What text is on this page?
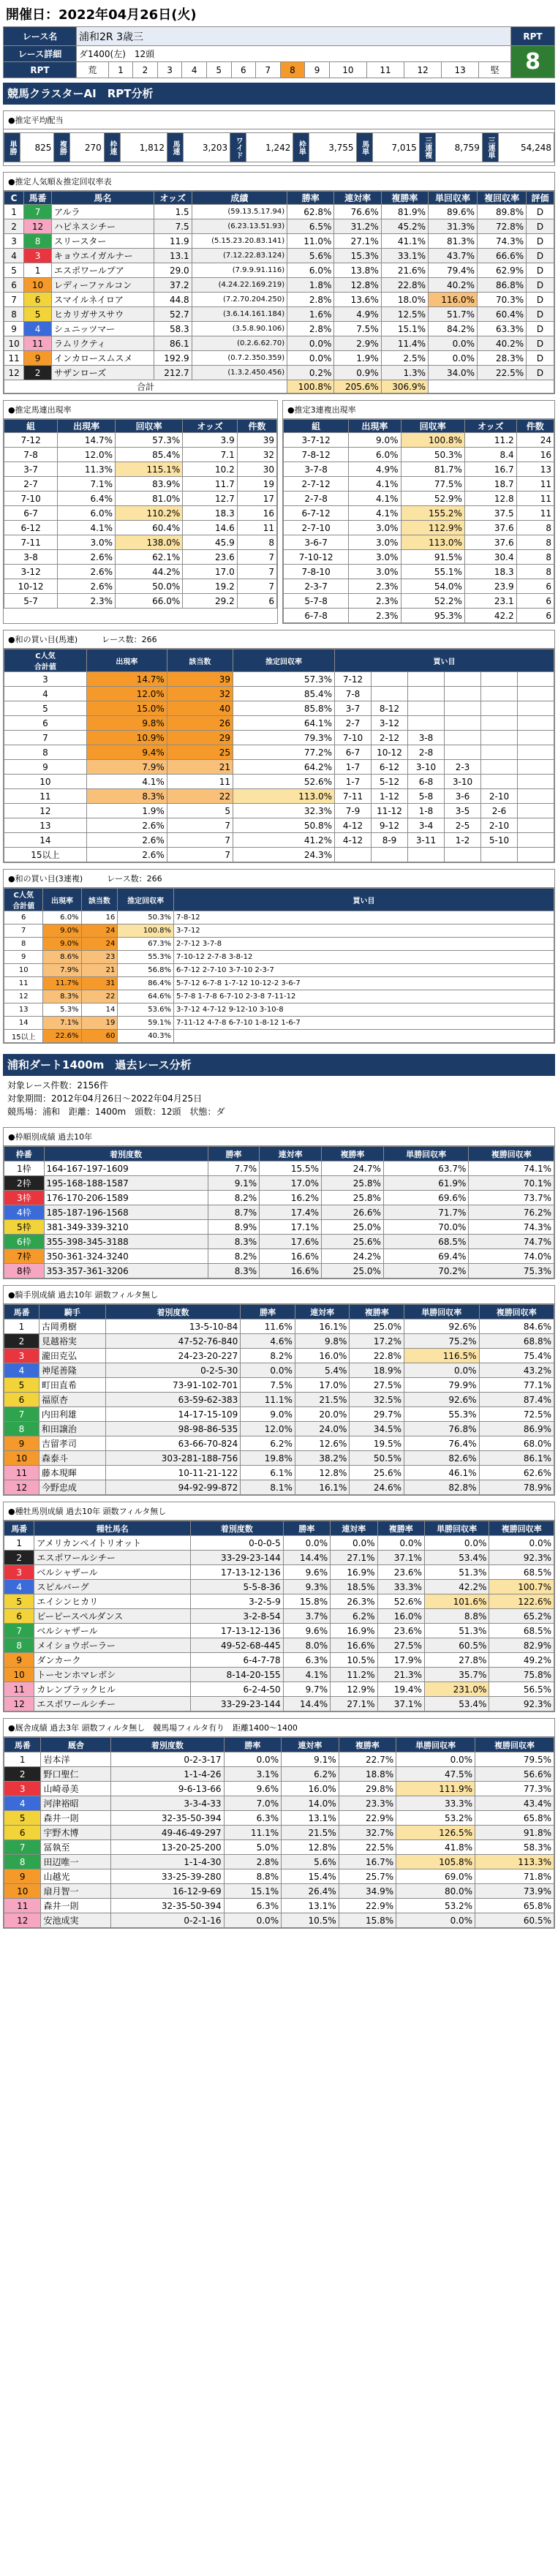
開催日：2022年04月26日(火)
レース名	浦和2R 3歳三															RPT
レース詳細	ダ1400(左)　12頭															8
RPT	荒	1	2	3	4	5	6	7	8	9	10	11	12	13	堅	
競馬クラスターAI　RPT分析
●推定平均配当
単勝	825	複勝	270	枠連	1,812	馬連	3,203	ワイド	1,242	枠単	3,755	馬単	7,015	三連複	8,759	三連単	54,248
●推定人気順＆推定回収率表
C	馬番	馬名	オッズ	成績	勝率	連対率	複勝率	単回収率	複回収率	評価
1	7	アルラ	1.5	(59.13.5.17.94)	62.8%	76.6%	81.9%	89.6%	89.8%	D
2	12	ハピネスシチー	7.5	(6.23.13.51.93)	6.5%	31.2%	45.2%	31.3%	72.8%	D
3	8	スリースター	11.9	(5.15.23.20.83.141)	11.0%	27.1%	41.1%	81.3%	74.3%	D
4	3	キョウエイガルナー	13.1	(7.12.22.83.124)	5.6%	15.3%	33.1%	43.7%	66.6%	D
5	1	エスポワールプア	29.0	(7.9.9.91.116)	6.0%	13.8%	21.6%	79.4%	62.9%	D
6	10	レディーファルコン	37.2	(4.24.22.169.219)	1.8%	12.8%	22.8%	40.2%	86.8%	D
7	6	スマイルネイロア	44.8	(7.2.70.204.250)	2.8%	13.6%	18.0%	116.0%	70.3%	D
8	5	ヒカリガサスサウ	52.7	(3.6.14.161.184)	1.6%	4.9%	12.5%	51.7%	60.4%	D
9	4	シュニッツマー	58.3	(3.5.8.90.106)	2.8%	7.5%	15.1%	84.2%	63.3%	D
10	11	ラムリクティ	86.1	(0.2.6.62.70)	0.0%	2.9%	11.4%	0.0%	40.2%	D
11	9	インカロースムスメ	192.9	(0.7.2.350.359)	0.0%	1.9%	2.5%	0.0%	28.3%	D
12	2	サザンローズ	212.7	(1.3.2.450.456)	0.2%	0.9%	1.3%	34.0%	22.5%	D
合計					100.8%	205.6%	306.9%			
●推定馬連出現率
組	出現率	回収率	オッズ	件数
7-12	14.7%	57.3%	3.9	39
7-8	12.0%	85.4%	7.1	32
3-7	11.3%	115.1%	10.2	30
2-7	7.1%	83.9%	11.7	19
7-10	6.4%	81.0%	12.7	17
6-7	6.0%	110.2%	18.3	16
6-12	4.1%	60.4%	14.6	11
7-11	3.0%	138.0%	45.9	8
3-8	2.6%	62.1%	23.6	7
3-12	2.6%	44.2%	17.0	7
10-12	2.6%	50.0%	19.2	7
5-7	2.3%	66.0%	29.2	6
●推定3連複出現率
組	出現率	回収率	オッズ	件数
3-7-12	9.0%	100.8%	11.2	24
7-8-12	6.0%	50.3%	8.4	16
3-7-8	4.9%	81.7%	16.7	13
2-7-12	4.1%	77.5%	18.7	11
2-7-8	4.1%	52.9%	12.8	11
6-7-12	4.1%	155.2%	37.5	11
2-7-10	3.0%	112.9%	37.6	8
3-6-7	3.0%	113.0%	37.6	8
7-10-12	3.0%	91.5%	30.4	8
7-8-10	3.0%	55.1%	18.3	8
2-3-7	2.3%	54.0%	23.9	6
5-7-8	2.3%	52.2%	23.1	6
6-7-8	2.3%	95.3%	42.2	6
●和の買い目(馬連)　　　	レース数：266
C人気
合計値	出現率	該当数	推定回収率	買い目					
3	14.7%	39	57.3%	7-12					
4	12.0%	32	85.4%	7-8					
5	15.0%	40	85.8%	3-7	8-12				
6	9.8%	26	64.1%	2-7	3-12				
7	10.9%	29	79.3%	7-10	2-12	3-8			
8	9.4%	25	77.2%	6-7	10-12	2-8			
9	7.9%	21	64.2%	1-7	6-12	3-10	2-3		
10	4.1%	11	52.6%	1-7	5-12	6-8	3-10		
11	8.3%	22	113.0%	7-11	1-12	5-8	3-6	2-10	
12	1.9%	5	32.3%	7-9	11-12	1-8	3-5	2-6	
13	2.6%	7	50.8%	4-12	9-12	3-4	2-5	2-10	
14	2.6%	7	41.2%	4-12	8-9	3-11	1-2	5-10	
15以上	2.6%	7	24.3%						
●和の買い目(3連複)　　　	レース数：266
C人気
合計値	出現率	該当数	推定回収率	買い目
6	6.0%	16	50.3%	7-8-12
7	9.0%	24	100.8%	3-7-12
8	9.0%	24	67.3%	2-7-12 3-7-8
9	8.6%	23	55.3%	7-10-12 2-7-8 3-8-12
10	7.9%	21	56.8%	6-7-12 2-7-10 3-7-10 2-3-7
11	11.7%	31	86.4%	5-7-12 6-7-8 1-7-12 10-12-2 3-6-7
12	8.3%	22	64.6%	5-7-8 1-7-8 6-7-10 2-3-8 7-11-12
13	5.3%	14	53.6%	3-7-12 4-7-12 9-12-10 3-10-8
14	7.1%	19	59.1%	7-11-12 4-7-8 6-7-10 1-8-12 1-6-7
15以上	22.6%	60	40.3%	
浦和ダート1400m　過去レース分析
対象レース件数：2156件
対象期間：2012年04月26日〜2022年04月25日
競馬場：浦和　距離：1400m　頭数：12頭　状態：ダ
●枠順別成績 過去10年
枠番	着別度数	勝率	連対率	複勝率	単勝回収率	複勝回収率
1枠	164-167-197-1609	7.7%	15.5%	24.7%	63.7%	74.1%
2枠	195-168-188-1587	9.1%	17.0%	25.8%	61.9%	70.1%
3枠	176-170-206-1589	8.2%	16.2%	25.8%	69.6%	73.7%
4枠	185-187-196-1568	8.7%	17.4%	26.6%	71.7%	76.2%
5枠	381-349-339-3210	8.9%	17.1%	25.0%	70.0%	74.3%
6枠	355-398-345-3188	8.3%	17.6%	25.6%	68.5%	74.7%
7枠	350-361-324-3240	8.2%	16.6%	24.2%	69.4%	74.0%
8枠	353-357-361-3206	8.3%	16.6%	25.0%	70.2%	75.3%
●騎手別成績 過去10年 頭数フィルタ無し
馬番	騎手	着別度数	勝率	連対率	複勝率	単勝回収率	複勝回収率
1	古岡勇樹	13-5-10-84	11.6%	16.1%	25.0%	92.6%	84.6%
2	見越裕実	47-52-76-840	4.6%	9.8%	17.2%	75.2%	68.8%
3	瀧田克弘	24-23-20-227	8.2%	16.0%	22.8%	116.5%	75.4%
4	神尾善隆	0-2-5-30	0.0%	5.4%	18.9%	0.0%	43.2%
5	町田直希	73-91-102-701	7.5%	17.0%	27.5%	79.9%	77.1%
6	福原杏	63-59-62-383	11.1%	21.5%	32.5%	92.6%	87.4%
7	内田利雄	14-17-15-109	9.0%	20.0%	29.7%	55.3%	72.5%
8	和田譲治	98-98-86-535	12.0%	24.0%	34.5%	76.8%	86.9%
9	吉留孝司	63-66-70-824	6.2%	12.6%	19.5%	76.4%	68.0%
10	森泰斗	303-281-188-756	19.8%	38.2%	50.5%	82.6%	86.1%
11	藤本現暉	10-11-21-122	6.1%	12.8%	25.6%	46.1%	62.6%
12	今野忠成	94-92-99-872	8.1%	16.1%	24.6%	82.8%	78.9%
●種牡馬別成績 過去10年 頭数フィルタ無し
馬番	種牡馬名	着別度数	勝率	連対率	複勝率	単勝回収率	複勝回収率
1	アメリカンペイトリオット	0-0-0-5	0.0%	0.0%	0.0%	0.0%	0.0%
2	エスポワールシチー	33-29-23-144	14.4%	27.1%	37.1%	53.4%	92.3%
3	ベルシャザール	17-13-12-136	9.6%	16.9%	23.6%	51.3%	68.5%
4	スピルバーグ	5-5-8-36	9.3%	18.5%	33.3%	42.2%	100.7%
5	エイシンヒカリ	3-2-5-9	15.8%	26.3%	52.6%	101.6%	122.6%
6	ビーピースペルダンス	3-2-8-54	3.7%	6.2%	16.0%	8.8%	65.2%
7	ベルシャザール	17-13-12-136	9.6%	16.9%	23.6%	51.3%	68.5%
8	メイショウボーラー	49-52-68-445	8.0%	16.6%	27.5%	60.5%	82.9%
9	ダンカーク	6-4-7-78	6.3%	10.5%	17.9%	27.8%	49.2%
10	トーセンホマレボシ	8-14-20-155	4.1%	11.2%	21.3%	35.7%	75.8%
11	カレンブラックヒル	6-2-4-50	9.7%	12.9%	19.4%	231.0%	56.5%
12	エスポワールシチー	33-29-23-144	14.4%	27.1%	37.1%	53.4%	92.3%
●厩舎成績 過去3年 頭数フィルタ無し　競馬場フィルタ有り　距離1400〜1400
馬番	厩舎	着別度数	勝率	連対率	複勝率	単勝回収率	複勝回収率
1	岩本洋	0-2-3-17	0.0%	9.1%	22.7%	0.0%	79.5%
2	野口聖仁	1-1-4-26	3.1%	6.2%	18.8%	47.5%	56.6%
3	山崎尋美	9-6-13-66	9.6%	16.0%	29.8%	111.9%	77.3%
4	河津裕昭	3-3-4-33	7.0%	14.0%	23.3%	33.3%	43.4%
5	森井一則	32-35-50-394	6.3%	13.1%	22.9%	53.2%	65.8%
6	宇野木博	49-46-49-297	11.1%	21.5%	32.7%	126.5%	91.8%
7	冨執至	13-20-25-200	5.0%	12.8%	22.5%	41.8%	58.3%
8	田辺唯一	1-1-4-30	2.8%	5.6%	16.7%	105.8%	113.3%
9	山越光	33-25-39-280	8.8%	15.4%	25.7%	69.0%	71.8%
10	扇月智一	16-12-9-69	15.1%	26.4%	34.9%	80.0%	73.9%
11	森井一則	32-35-50-394	6.3%	13.1%	22.9%	53.2%	65.8%
12	安池成実	0-2-1-16	0.0%	10.5%	15.8%	0.0%	60.5%
